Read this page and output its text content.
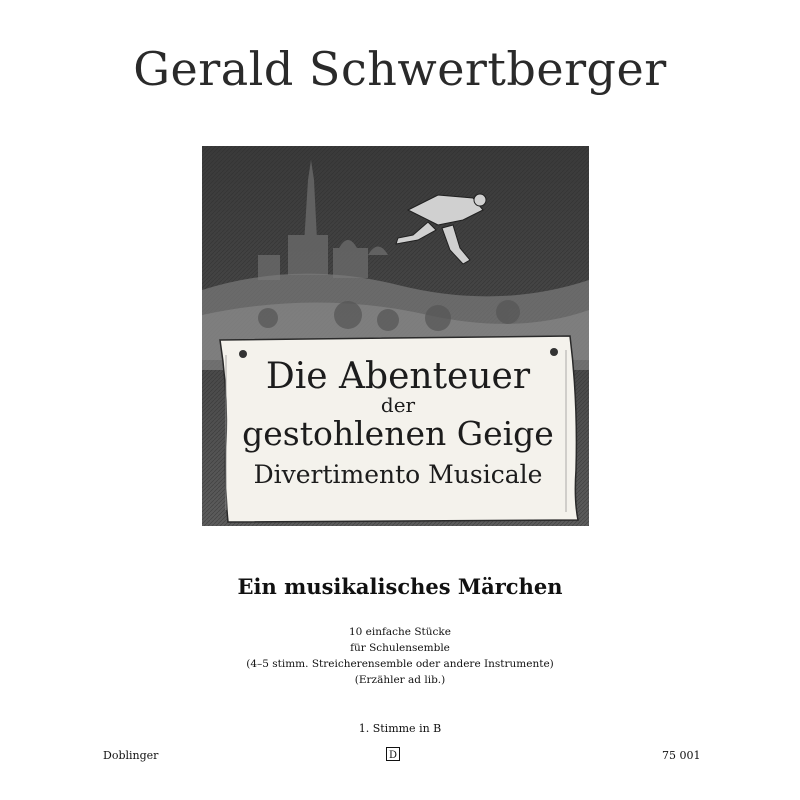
Gerald Schwertberger
Die Abenteuer
der
gestohlenen Geige
Divertimento Musicale
Ein musikalisches Märchen
10 einfache Stücke
für Schulensemble
(4–5 stimm. Streicherensemble oder andere Instrumente)
(Erzähler ad lib.)
1. Stimme in B
Doblinger	D	75 001
